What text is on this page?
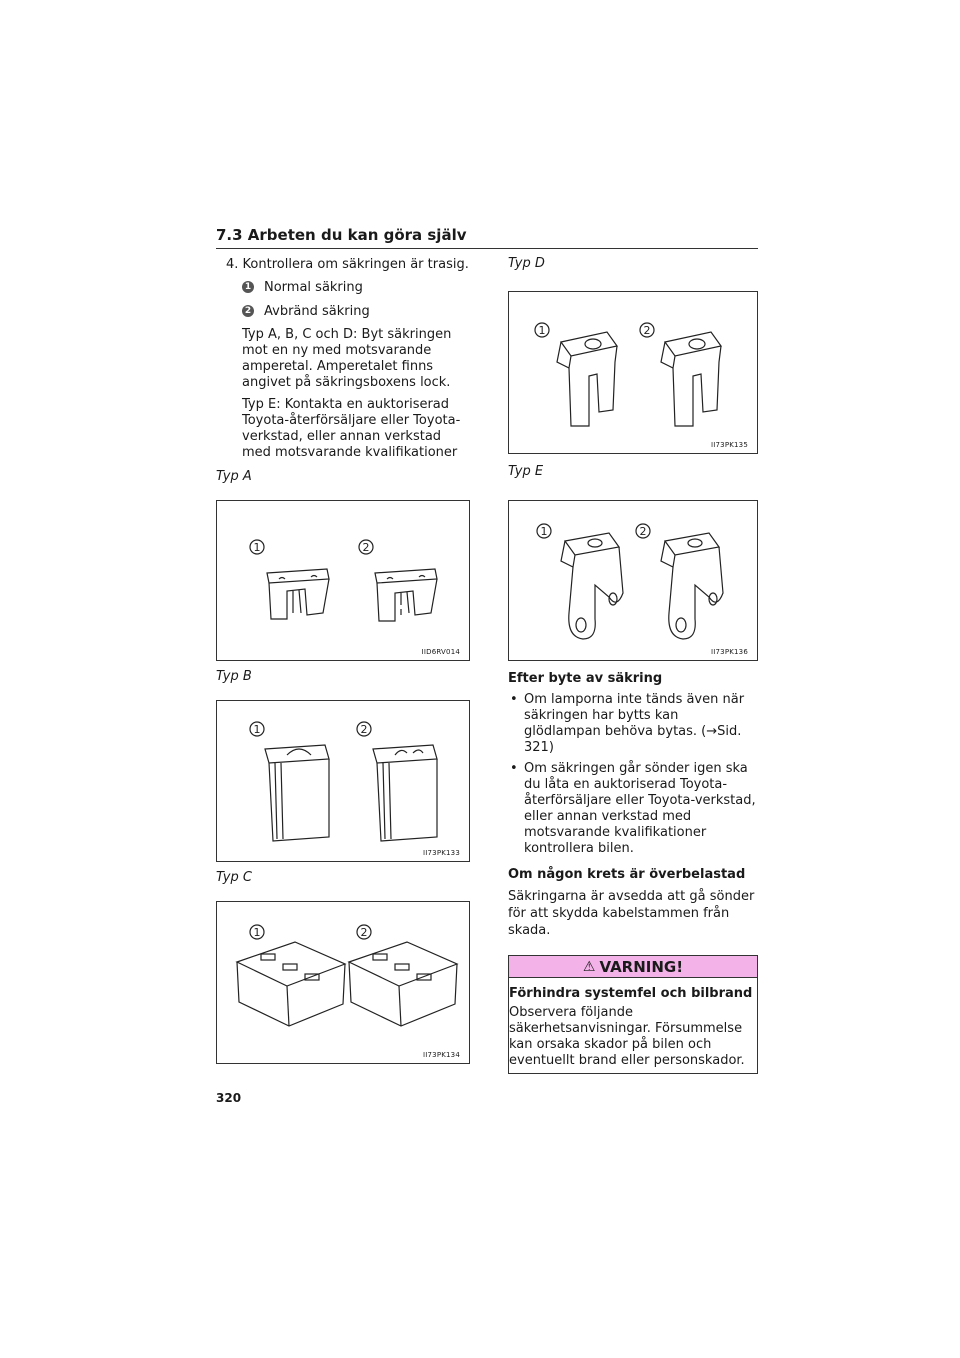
7.3 Arbeten du kan göra själv
4. Kontrollera om säkringen är trasig.
1 Normal säkring
2 Avbränd säkring
Typ A, B, C och D: Byt säkringen mot en ny med motsvarande amperetal. Amperetalet finns angivet på säkringsboxens lock.
Typ E: Kontakta en auktoriserad Toyota-återförsäljare eller Toyota-verkstad, eller annan verkstad med motsvarande kvalifikationer
Typ A
1	2
IID6RV014
Typ B
1	2
II73PK133
Typ C
1	2
II73PK134
Typ D
1	2
II73PK135
Typ E
1	2
II73PK136
Efter byte av säkring
• Om lamporna inte tänds även när säkringen har bytts kan glödlampan behöva bytas. (→Sid. 321)
• Om säkringen går sönder igen ska du låta en auktoriserad Toyota-återförsäljare eller Toyota-verkstad, eller annan verkstad med motsvarande kvalifikationer kontrollera bilen.
Om någon krets är överbelastad
Säkringarna är avsedda att gå sönder för att skydda kabelstammen från skada.
⚠ VARNING!
Förhindra systemfel och bilbrand
Observera följande säkerhetsanvisningar. Försummelse kan orsaka skador på bilen och eventuellt brand eller personskador.
320
